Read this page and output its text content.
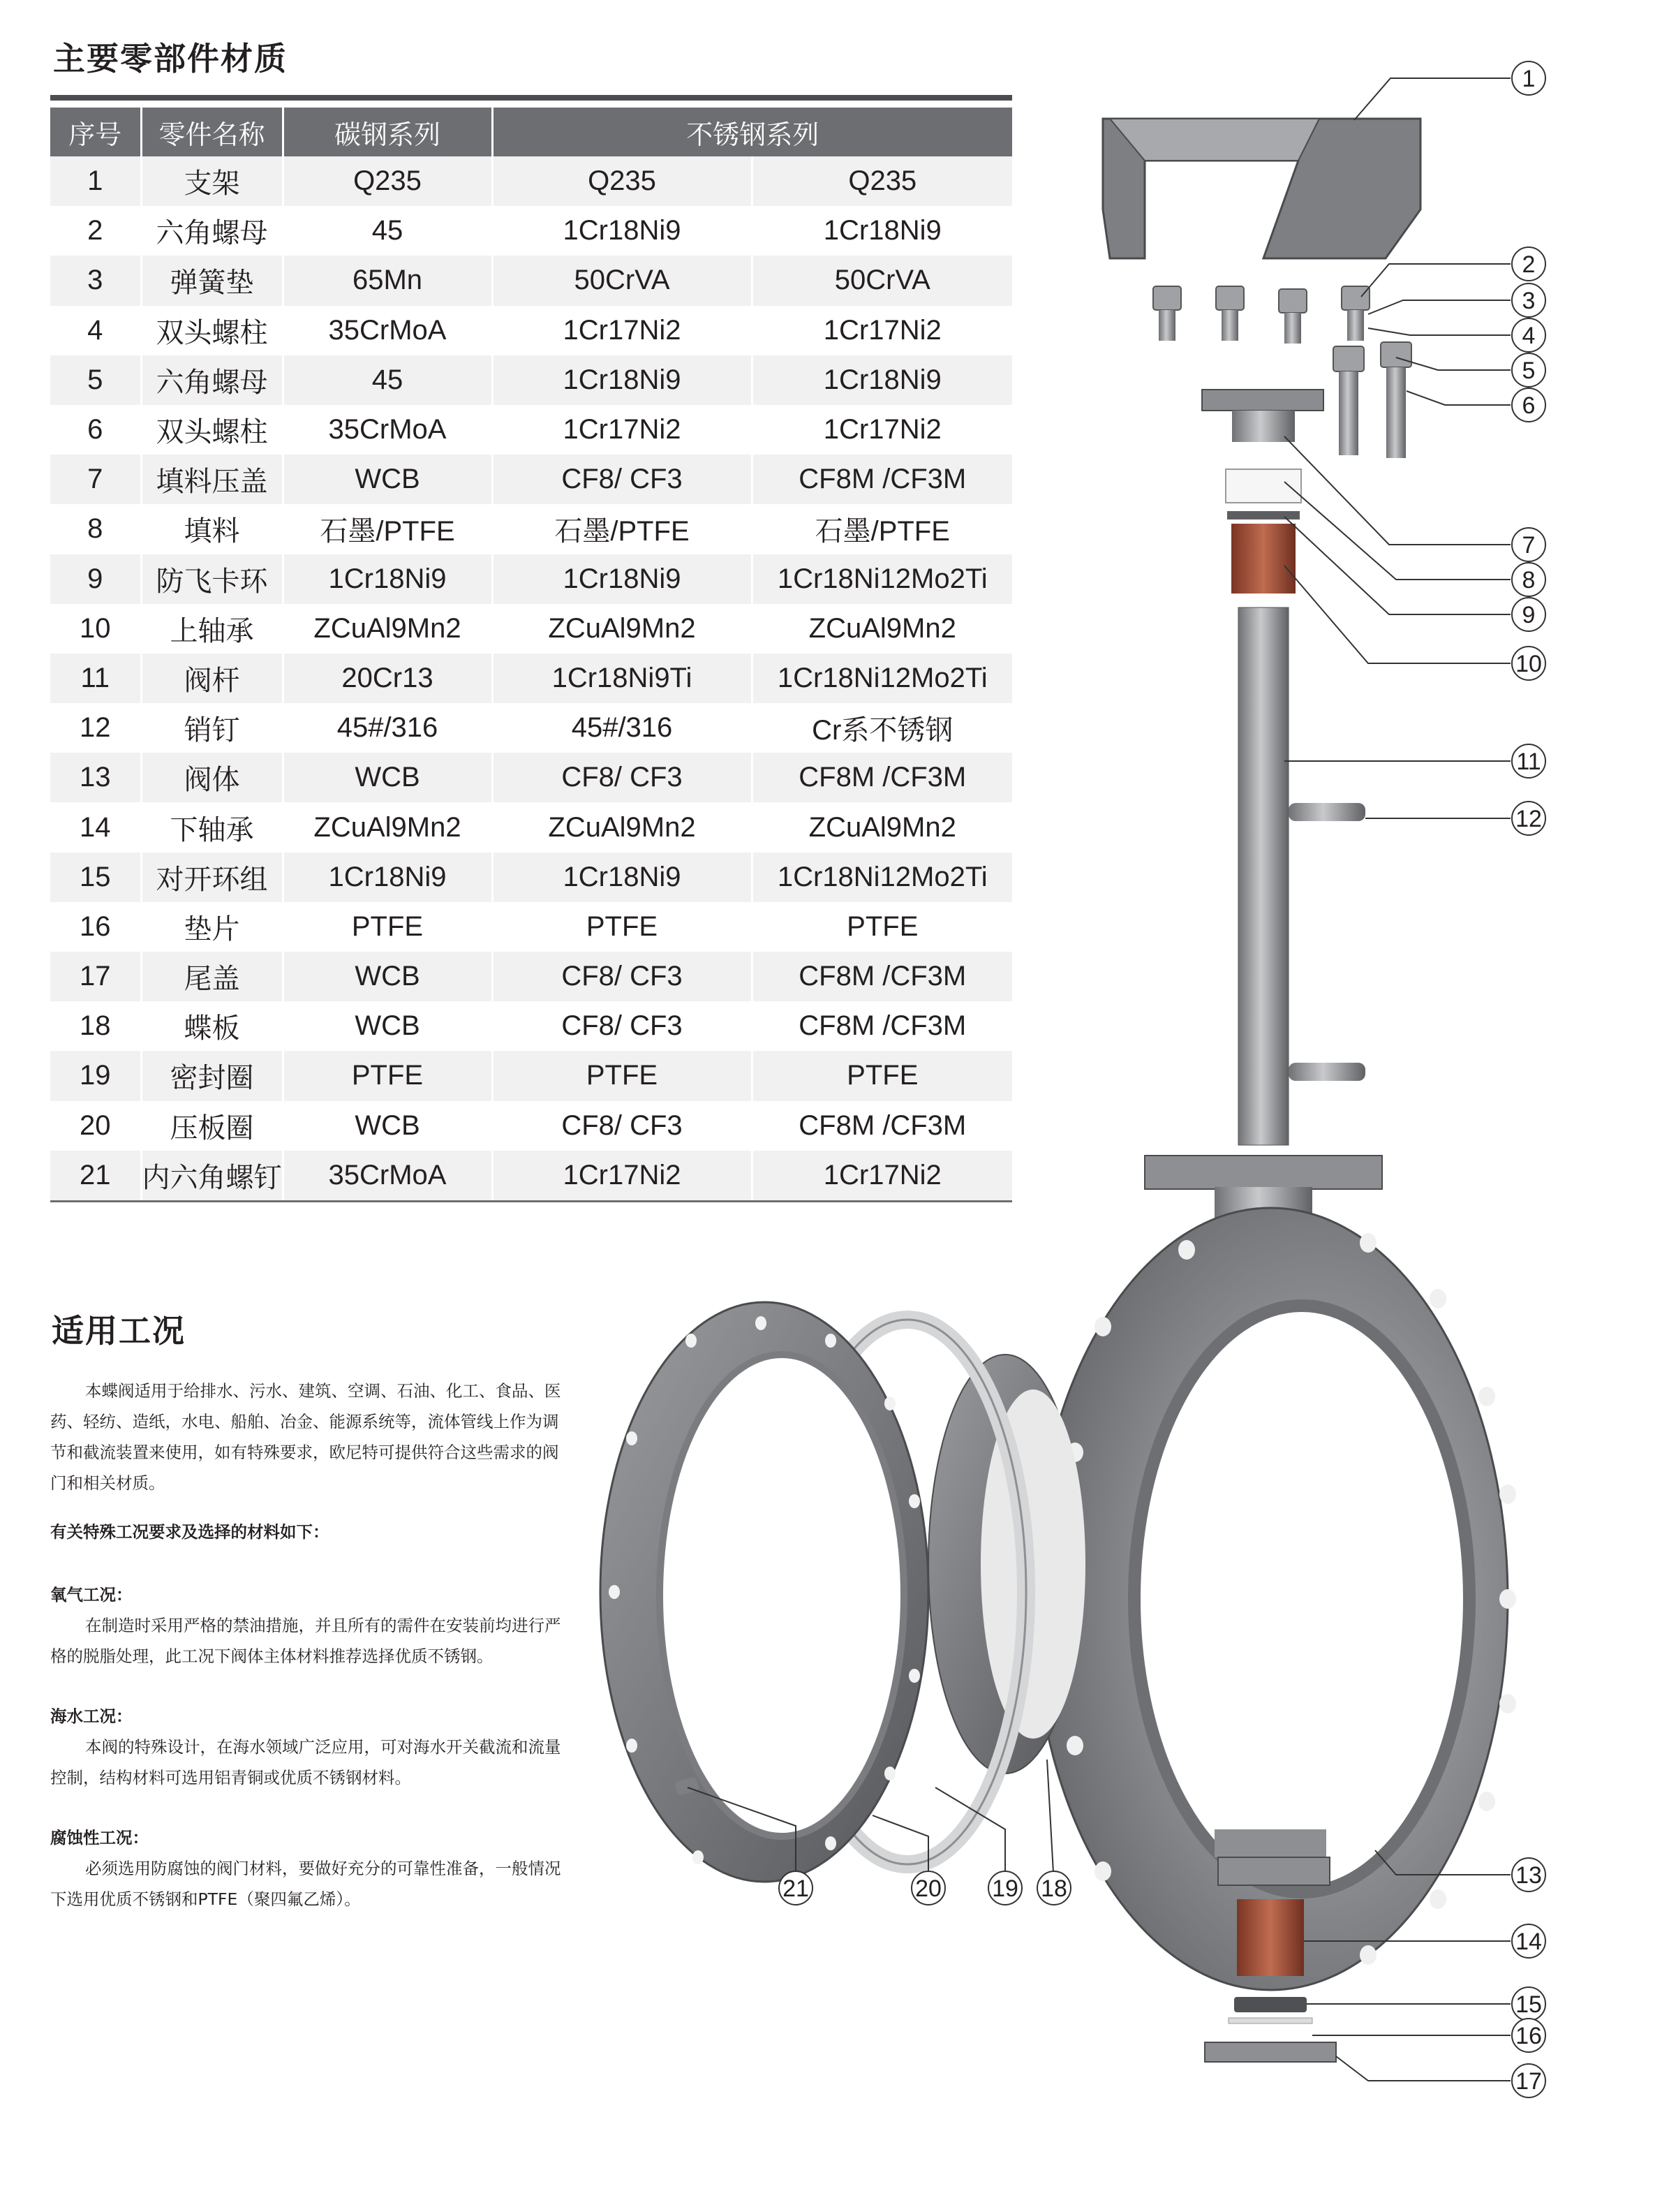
主要零部件材质
序号	零件名称	碳钢系列	不锈钢系列	
1	支架	Q235	Q235	Q235
2	六角螺母	45	1Cr18Ni9	1Cr18Ni9
3	弹簧垫	65Mn	50CrVA	50CrVA
4	双头螺柱	35CrMoA	1Cr17Ni2	1Cr17Ni2
5	六角螺母	45	1Cr18Ni9	1Cr18Ni9
6	双头螺柱	35CrMoA	1Cr17Ni2	1Cr17Ni2
7	填料压盖	WCB	CF8/ CF3	CF8M /CF3M
8	填料	石墨/PTFE	石墨/PTFE	石墨/PTFE
9	防飞卡环	1Cr18Ni9	1Cr18Ni9	1Cr18Ni12Mo2Ti
10	上轴承	ZCuAl9Mn2	ZCuAl9Mn2	ZCuAl9Mn2
11	阀杆	20Cr13	1Cr18Ni9Ti	1Cr18Ni12Mo2Ti
12	销钉	45#/316	45#/316	Cr系不锈钢
13	阀体	WCB	CF8/ CF3	CF8M /CF3M
14	下轴承	ZCuAl9Mn2	ZCuAl9Mn2	ZCuAl9Mn2
15	对开环组	1Cr18Ni9	1Cr18Ni9	1Cr18Ni12Mo2Ti
16	垫片	PTFE	PTFE	PTFE
17	尾盖	WCB	CF8/ CF3	CF8M /CF3M
18	蝶板	WCB	CF8/ CF3	CF8M /CF3M
19	密封圈	PTFE	PTFE	PTFE
20	压板圈	WCB	CF8/ CF3	CF8M /CF3M
21	内六角螺钉	35CrMoA	1Cr17Ni2	1Cr17Ni2
适用工况

本蝶阀适用于给排水、污水、建筑、空调、石油、化工、食品、医药、轻纺、造纸，水电、船舶、冶金、能源系统等，流体管线上作为调节和截流装置来使用，如有特殊要求，欧尼特可提供符合这些需求的阀门和相关材质。

有关特殊工况要求及选择的材料如下：

氧气工况：

在制造时采用严格的禁油措施，并且所有的需件在安装前均进行严格的脱脂处理，此工况下阀体主体材料推荐选择优质不锈钢。

海水工况：

本阀的特殊设计，在海水领域广泛应用，可对海水开关截流和流量控制，结构材料可选用铝青铜或优质不锈钢材料。

腐蚀性工况：

必须选用防腐蚀的阀门材料，要做好充分的可靠性准备，一般情况下选用优质不锈钢和PTFE（聚四氟乙烯）。

1
2
3
4
5
6
7
8
9
10
11
12
13
14
15
16
17
18
19
20
21
